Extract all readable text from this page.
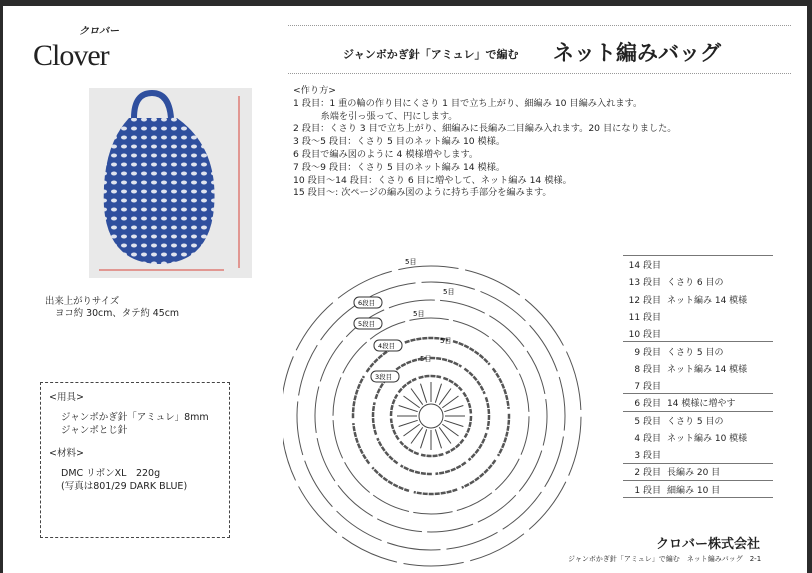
クロバー
Clover	ジャンボかぎ針「アミュレ」で編む ネット編みバッグ
<作り方>
1 段目：1 重の輪の作り目にくさり 1 目で立ち上がり、細編み 10 目編み入れます。
　　　糸端を引っ張って、円にします。
2 段目：くさり 3 目で立ち上がり、細編みに長編み二目編み入れます。20 目になりました。
3 段～5 段目：くさり 5 目のネット編み 10 模様。
6 段目で編み図のように 4 模様増やします。
7 段～9 段目：くさり 5 目のネット編み 14 模様。
10 段目～14 段目：くさり 6 目に増やして、ネット編み 14 模様。
15 段目～: 次ページの編み図のように持ち手部分を編みます。
出来上がりサイズ
ヨコ約 30cm、タテ約 45cm
<用具>
ジャンボかぎ針「アミュレ」8mm
ジャンボとじ針
<材料>
DMC リボンXL　220g
(写真は801/29 DARK BLUE)
5目
5目
5目
5目
5目
6段目
5段目
4段目
3段目
14 段目
13 段目 くさり 6 目の
12 段目 ネット編み 14 模様
11 段目
10 段目
9 段目 くさり 5 目の
8 段目 ネット編み 14 模様
7 段目
6 段目 14 模様に増やす
5 段目 くさり 5 目の
4 段目 ネット編み 10 模様
3 段目
2 段目 長編み 20 目
1 段目 細編み 10 目
クロバー株式会社
ジャンボかぎ針「アミュレ」で編む　ネット編みバッグ　2-1
